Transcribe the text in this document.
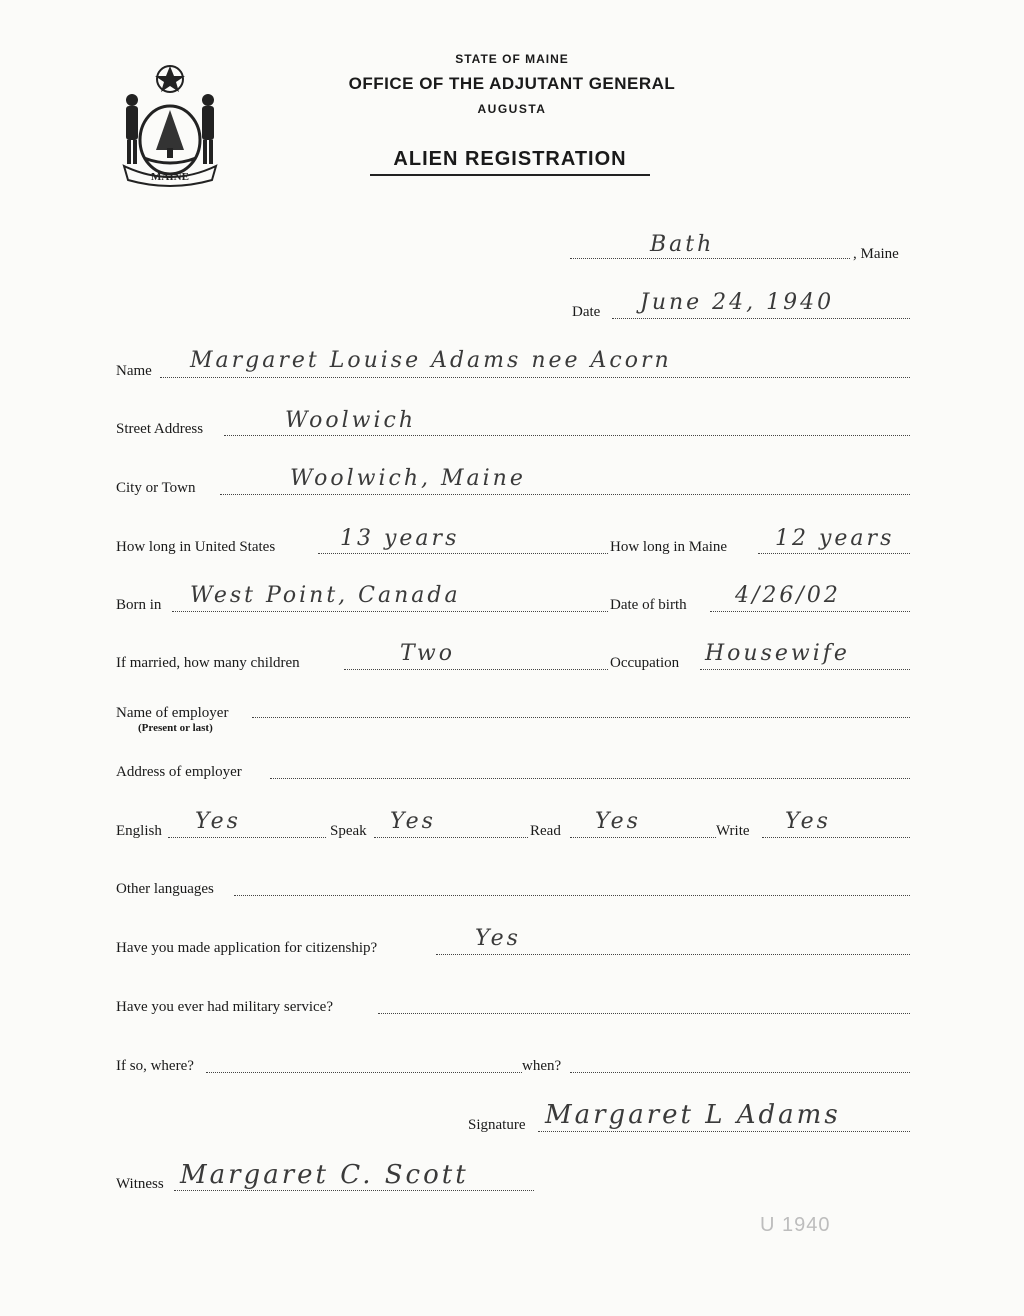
STATE OF MAINE
OFFICE OF THE ADJUTANT GENERAL
AUGUSTA
ALIEN REGISTRATION
MAINE
Bath	, Maine
Date June 24, 1940
Name Margaret Louise Adams nee Acorn
Street Address	Woolwich
City or Town	Woolwich, Maine
How long in United States	13 years	How long in Maine 12 years
Born in West Point, Canada	Date of birth 4/26/02
If married, how many children	Two	Occupation Housewife
Name of employer
(Present or last)
Address of employer
English Yes	Speak Yes	Read Yes	Write Yes
Other languages
Have you made application for citizenship?	Yes
Have you ever had military service?
If so, where?	when?
Signature Margaret L Adams
Witness Margaret C. Scott
U 1940
